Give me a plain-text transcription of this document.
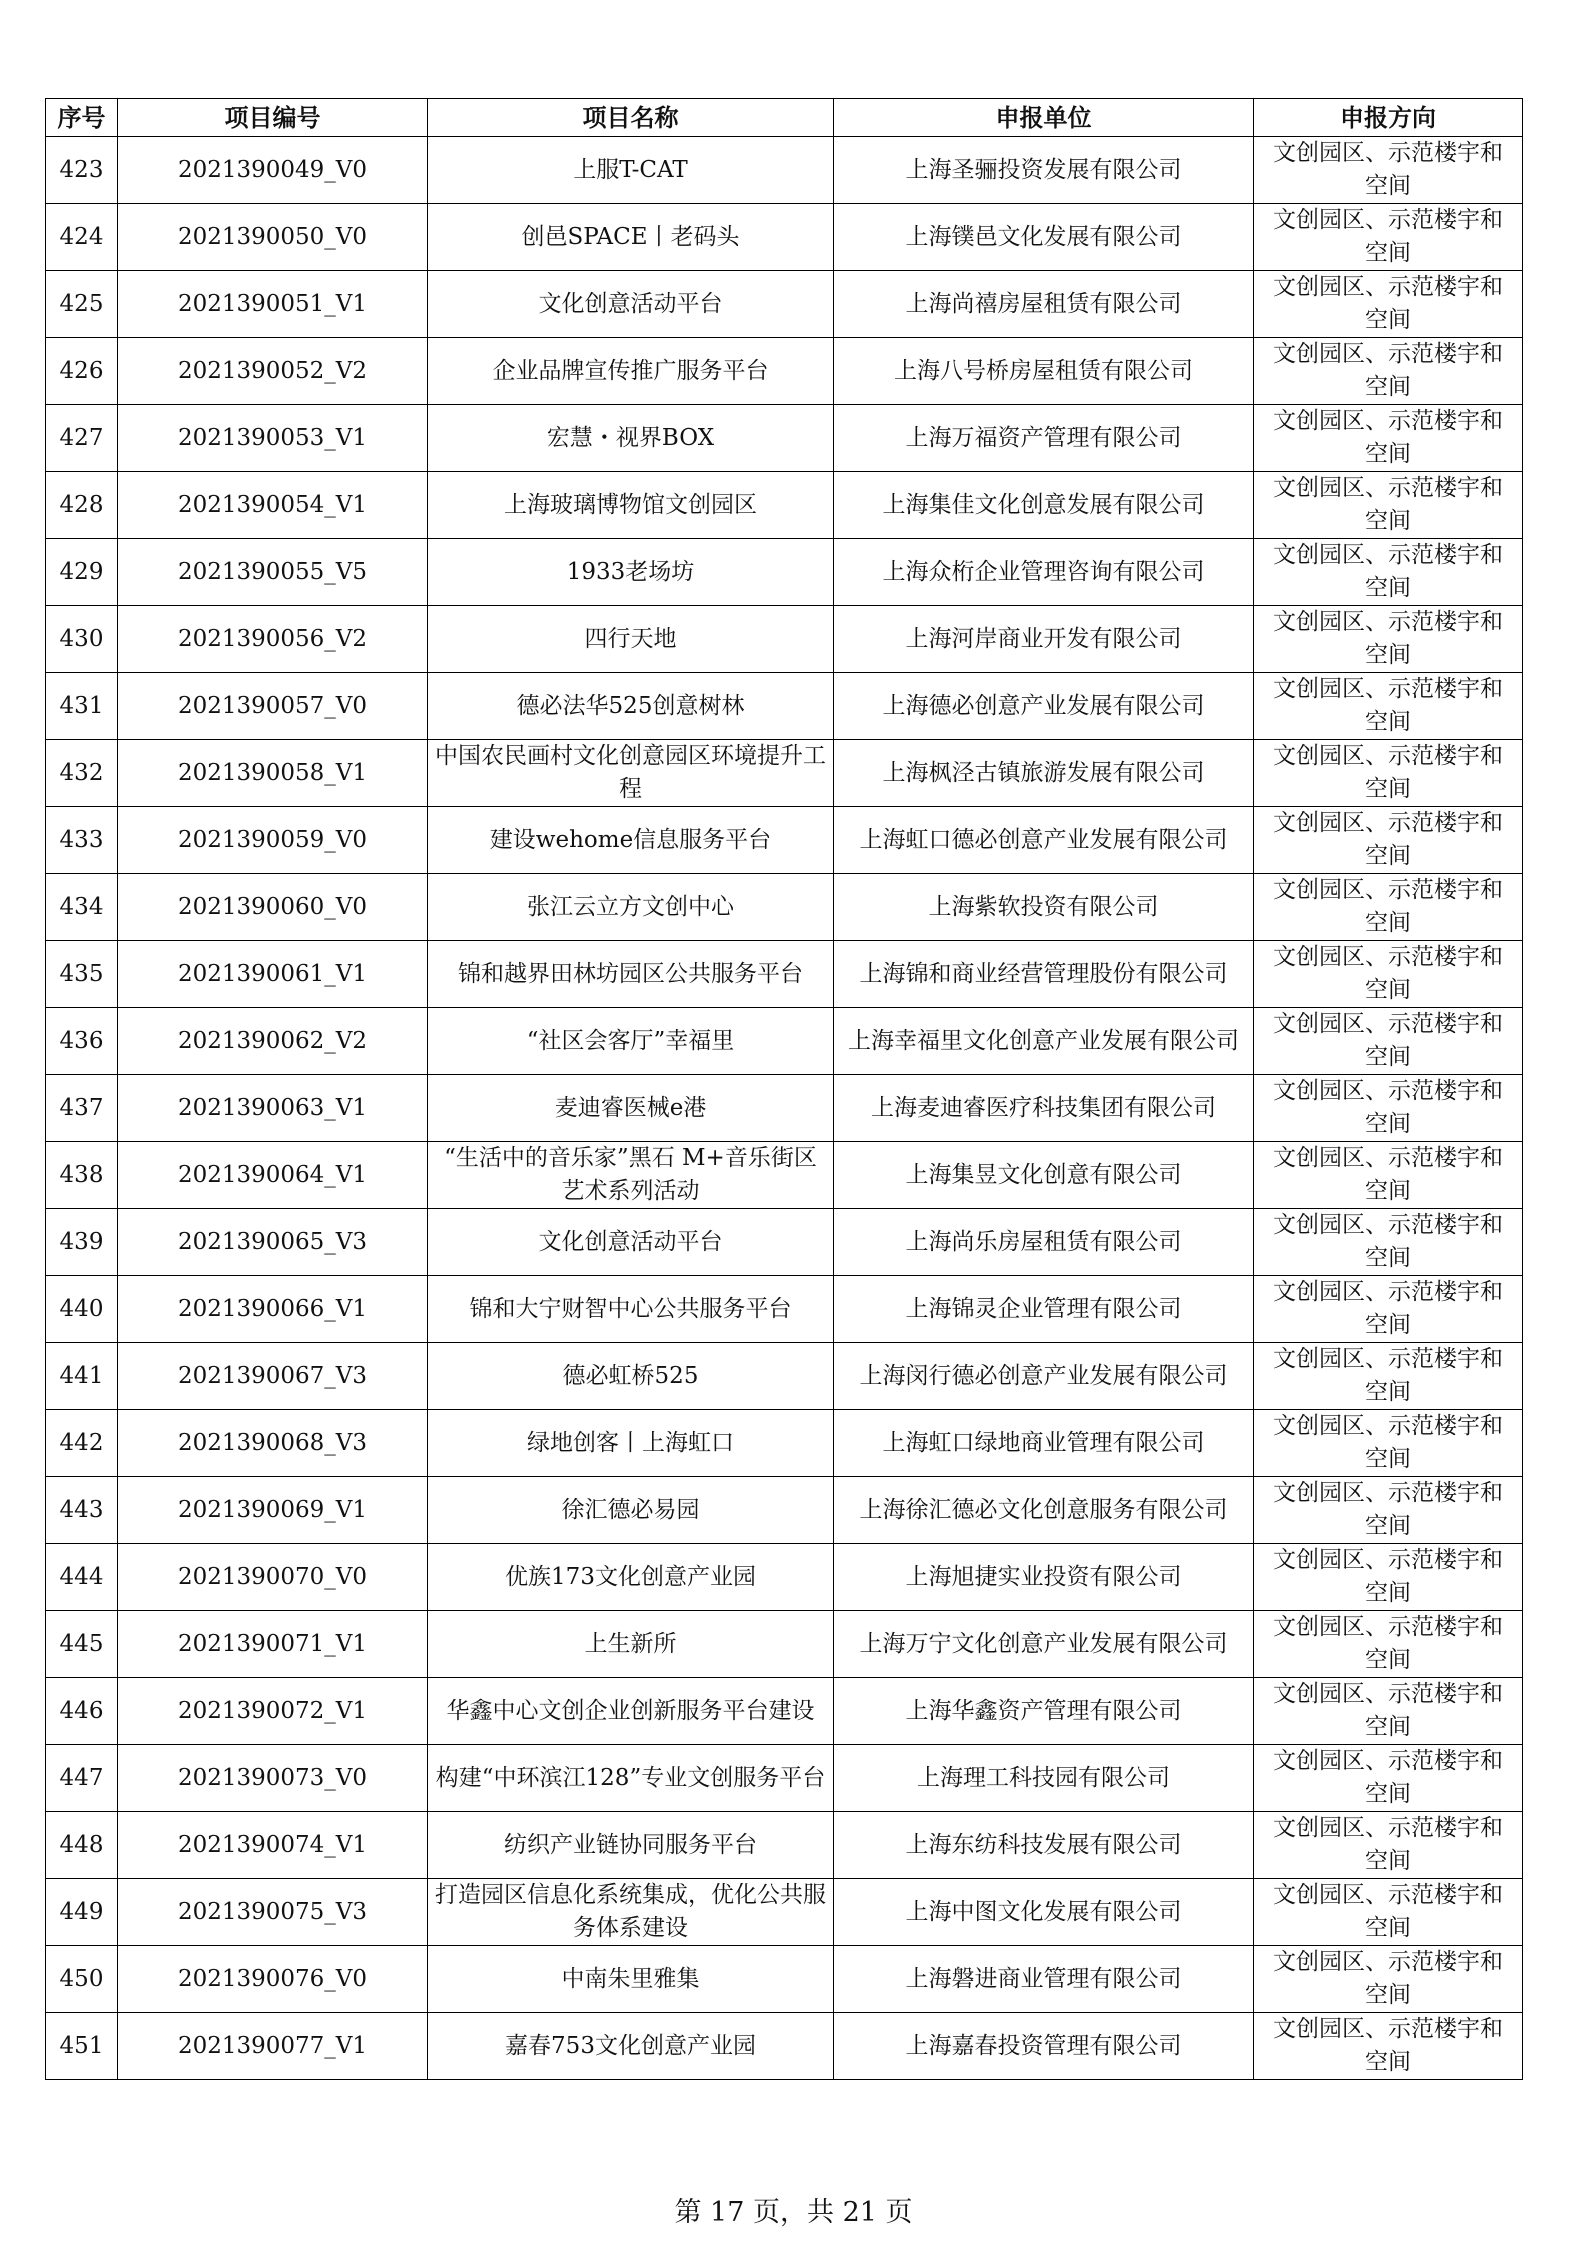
序号	项目编号	项目名称	申报单位	申报方向
423	2021390049_V0	上服T-CAT	上海圣骊投资发展有限公司	文创园区、示范楼宇和空间
424	2021390050_V0	创邑SPACE丨老码头	上海镤邑文化发展有限公司	文创园区、示范楼宇和空间
425	2021390051_V1	文化创意活动平台	上海尚禧房屋租赁有限公司	文创园区、示范楼宇和空间
426	2021390052_V2	企业品牌宣传推广服务平台	上海八号桥房屋租赁有限公司	文创园区、示范楼宇和空间
427	2021390053_V1	宏慧・视界BOX	上海万福资产管理有限公司	文创园区、示范楼宇和空间
428	2021390054_V1	上海玻璃博物馆文创园区	上海集佳文化创意发展有限公司	文创园区、示范楼宇和空间
429	2021390055_V5	1933老场坊	上海众桁企业管理咨询有限公司	文创园区、示范楼宇和空间
430	2021390056_V2	四行天地	上海河岸商业开发有限公司	文创园区、示范楼宇和空间
431	2021390057_V0	德必法华525创意树林	上海德必创意产业发展有限公司	文创园区、示范楼宇和空间
432	2021390058_V1	中国农民画村文化创意园区环境提升工程	上海枫泾古镇旅游发展有限公司	文创园区、示范楼宇和空间
433	2021390059_V0	建设wehome信息服务平台	上海虹口德必创意产业发展有限公司	文创园区、示范楼宇和空间
434	2021390060_V0	张江云立方文创中心	上海紫软投资有限公司	文创园区、示范楼宇和空间
435	2021390061_V1	锦和越界田林坊园区公共服务平台	上海锦和商业经营管理股份有限公司	文创园区、示范楼宇和空间
436	2021390062_V2	“社区会客厅”幸福里	上海幸福里文化创意产业发展有限公司	文创园区、示范楼宇和空间
437	2021390063_V1	麦迪睿医械e港	上海麦迪睿医疗科技集团有限公司	文创园区、示范楼宇和空间
438	2021390064_V1	“生活中的音乐家”黑石 M+音乐街区艺术系列活动	上海集昱文化创意有限公司	文创园区、示范楼宇和空间
439	2021390065_V3	文化创意活动平台	上海尚乐房屋租赁有限公司	文创园区、示范楼宇和空间
440	2021390066_V1	锦和大宁财智中心公共服务平台	上海锦灵企业管理有限公司	文创园区、示范楼宇和空间
441	2021390067_V3	德必虹桥525	上海闵行德必创意产业发展有限公司	文创园区、示范楼宇和空间
442	2021390068_V3	绿地创客丨上海虹口	上海虹口绿地商业管理有限公司	文创园区、示范楼宇和空间
443	2021390069_V1	徐汇德必易园	上海徐汇德必文化创意服务有限公司	文创园区、示范楼宇和空间
444	2021390070_V0	优族173文化创意产业园	上海旭捷实业投资有限公司	文创园区、示范楼宇和空间
445	2021390071_V1	上生新所	上海万宁文化创意产业发展有限公司	文创园区、示范楼宇和空间
446	2021390072_V1	华鑫中心文创企业创新服务平台建设	上海华鑫资产管理有限公司	文创园区、示范楼宇和空间
447	2021390073_V0	构建“中环滨江128”专业文创服务平台	上海理工科技园有限公司	文创园区、示范楼宇和空间
448	2021390074_V1	纺织产业链协同服务平台	上海东纺科技发展有限公司	文创园区、示范楼宇和空间
449	2021390075_V3	打造园区信息化系统集成，优化公共服务体系建设	上海中图文化发展有限公司	文创园区、示范楼宇和空间
450	2021390076_V0	中南朱里雅集	上海磐进商业管理有限公司	文创园区、示范楼宇和空间
451	2021390077_V1	嘉春753文化创意产业园	上海嘉春投资管理有限公司	文创园区、示范楼宇和空间
第 17 页，共 21 页
